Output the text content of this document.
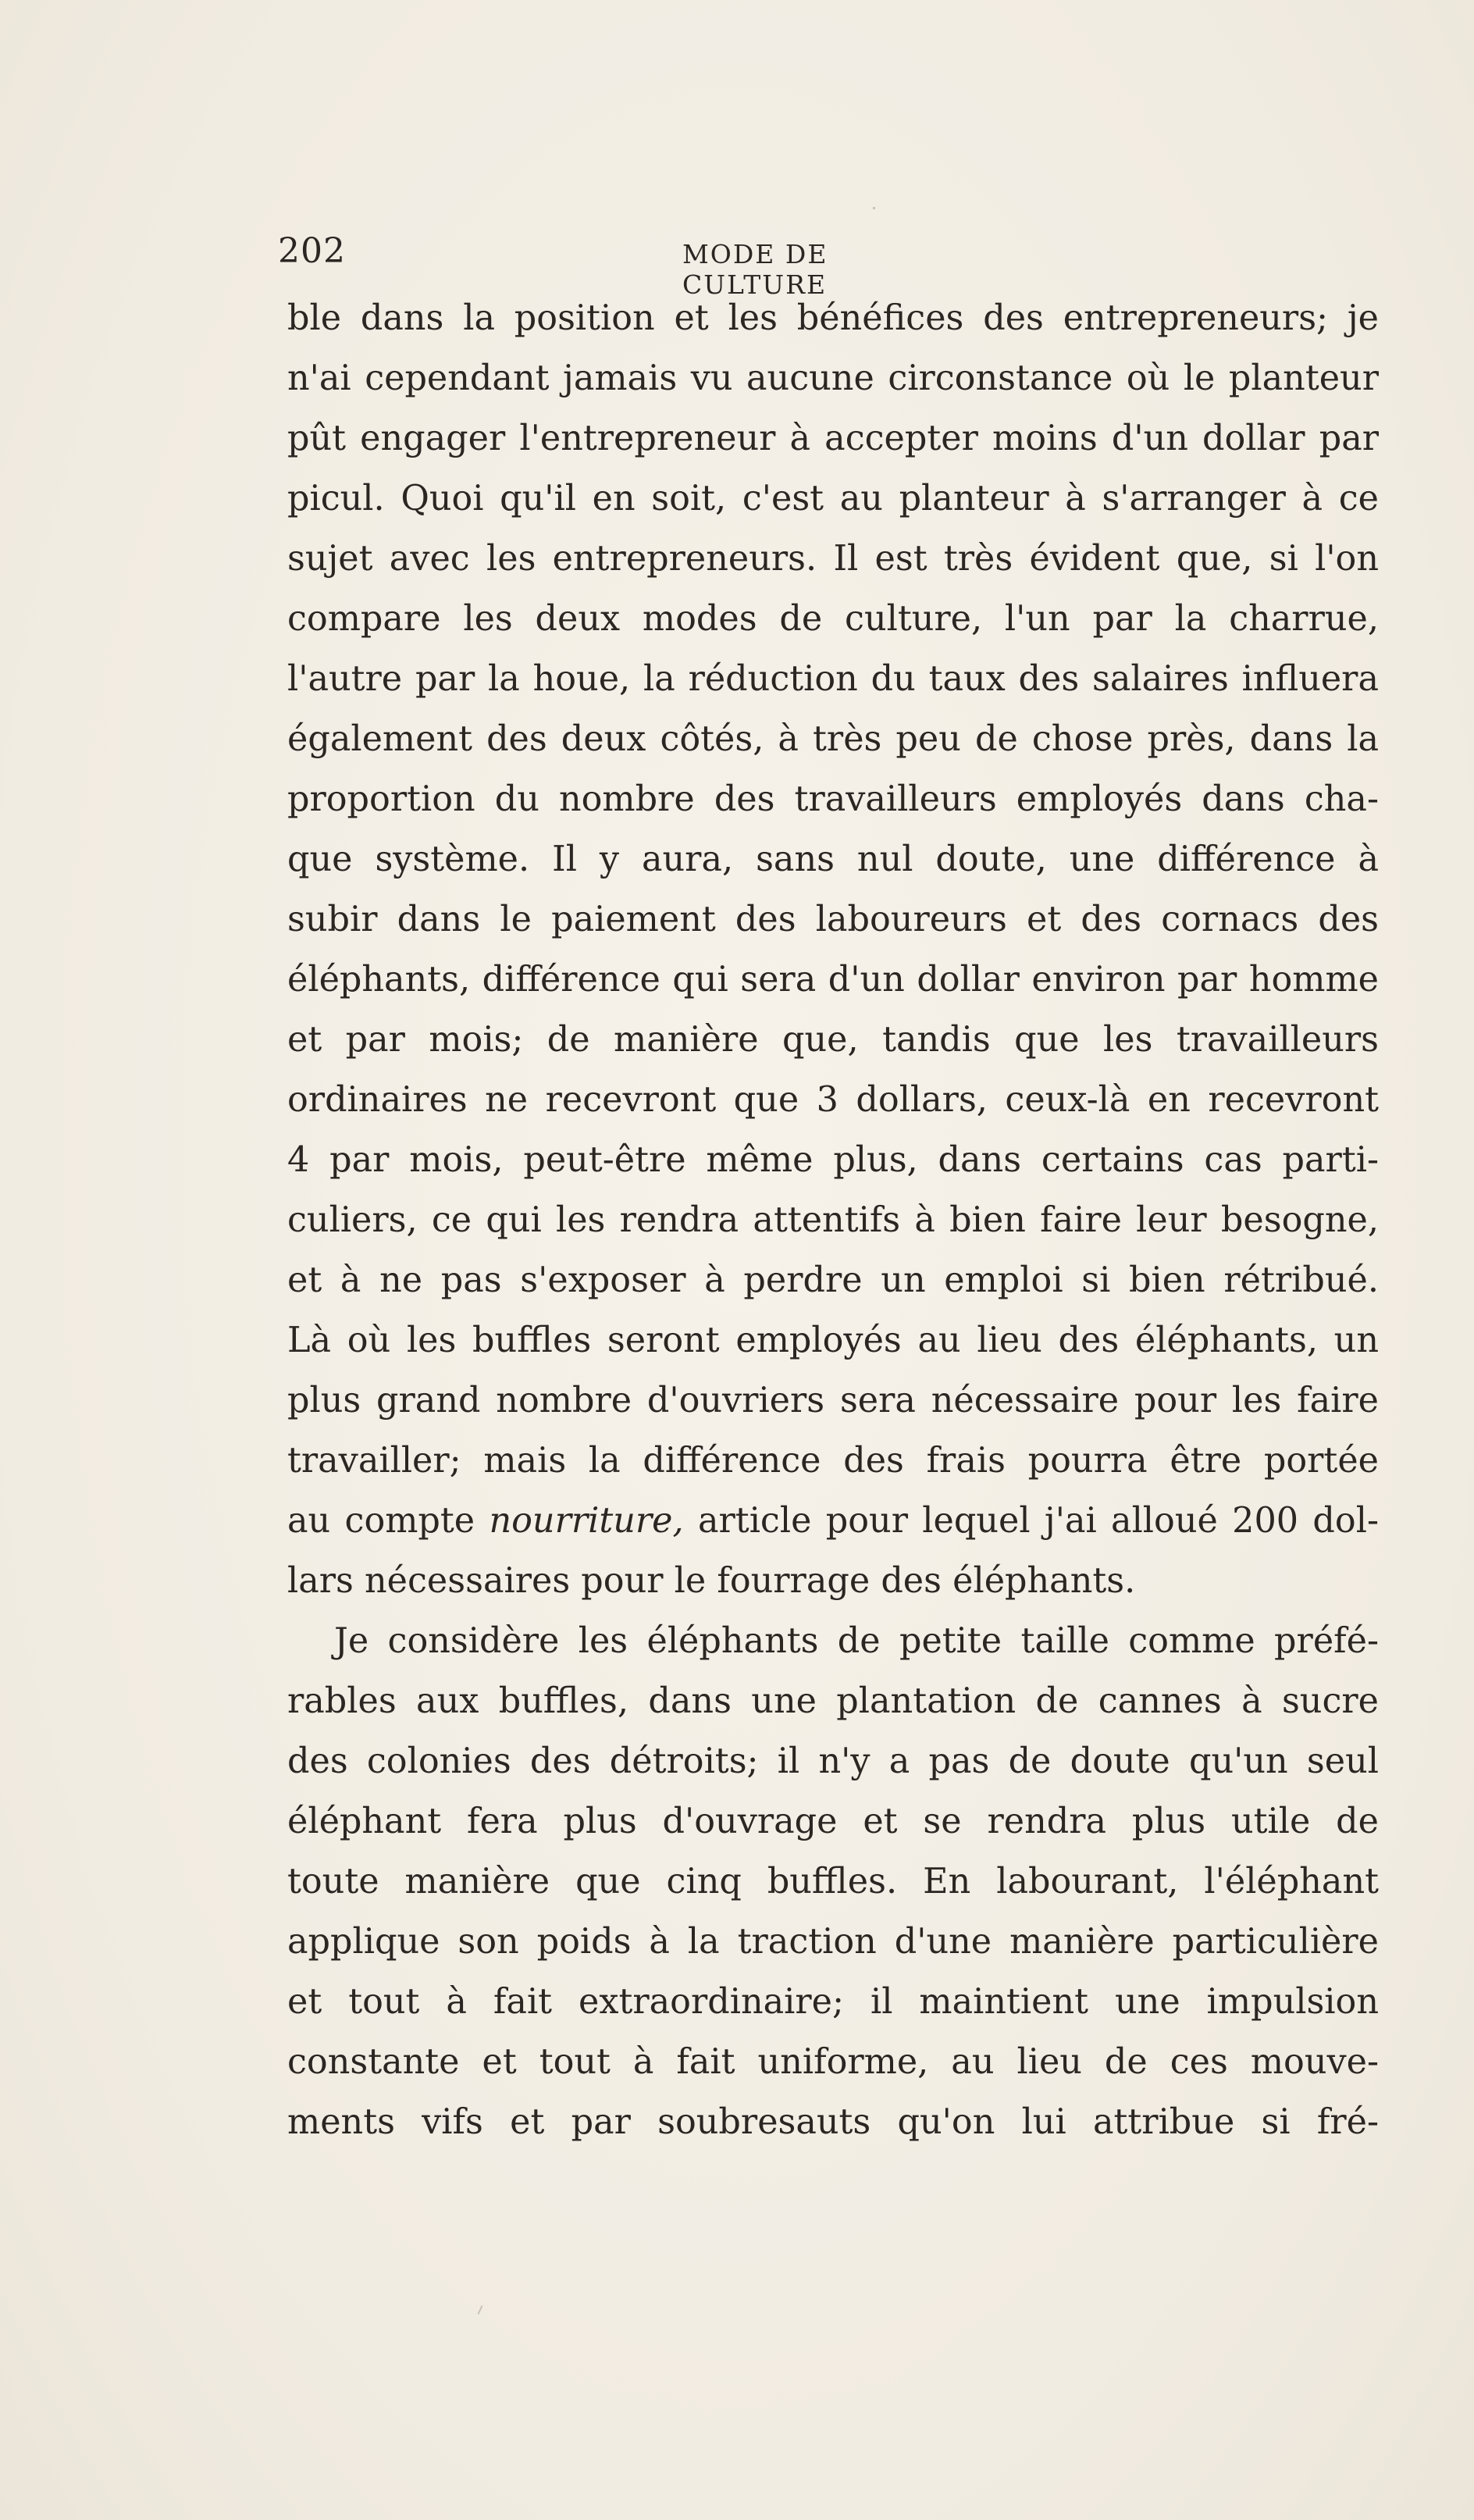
202	MODE DE CULTURE
ble dans la position et les bénéfices des entrepreneurs; je
n'ai cependant jamais vu aucune circonstance où le planteur
pût engager l'entrepreneur à accepter moins d'un dollar par
picul. Quoi qu'il en soit, c'est au planteur à s'arranger à ce
sujet avec les entrepreneurs. Il est très évident que, si l'on
compare les deux modes de culture, l'un par la charrue,
l'autre par la houe, la réduction du taux des salaires influera
également des deux côtés, à très peu de chose près, dans la
proportion du nombre des travailleurs employés dans cha-
que système. Il y aura, sans nul doute, une différence à
subir dans le paiement des laboureurs et des cornacs des
éléphants, différence qui sera d'un dollar environ par homme
et par mois; de manière que, tandis que les travailleurs
ordinaires ne recevront que 3 dollars, ceux-là en recevront
4 par mois, peut-être même plus, dans certains cas parti-
culiers, ce qui les rendra attentifs à bien faire leur besogne,
et à ne pas s'exposer à perdre un emploi si bien rétribué.
Là où les buffles seront employés au lieu des éléphants, un
plus grand nombre d'ouvriers sera nécessaire pour les faire
travailler; mais la différence des frais pourra être portée
au compte nourriture, article pour lequel j'ai alloué 200 dol-
lars nécessaires pour le fourrage des éléphants.
Je considère les éléphants de petite taille comme préfé-
rables aux buffles, dans une plantation de cannes à sucre
des colonies des détroits; il n'y a pas de doute qu'un seul
éléphant fera plus d'ouvrage et se rendra plus utile de
toute manière que cinq buffles. En labourant, l'éléphant
applique son poids à la traction d'une manière particulière
et tout à fait extraordinaire; il maintient une impulsion
constante et tout à fait uniforme, au lieu de ces mouve-
ments vifs et par soubresauts qu'on lui attribue si fré-
